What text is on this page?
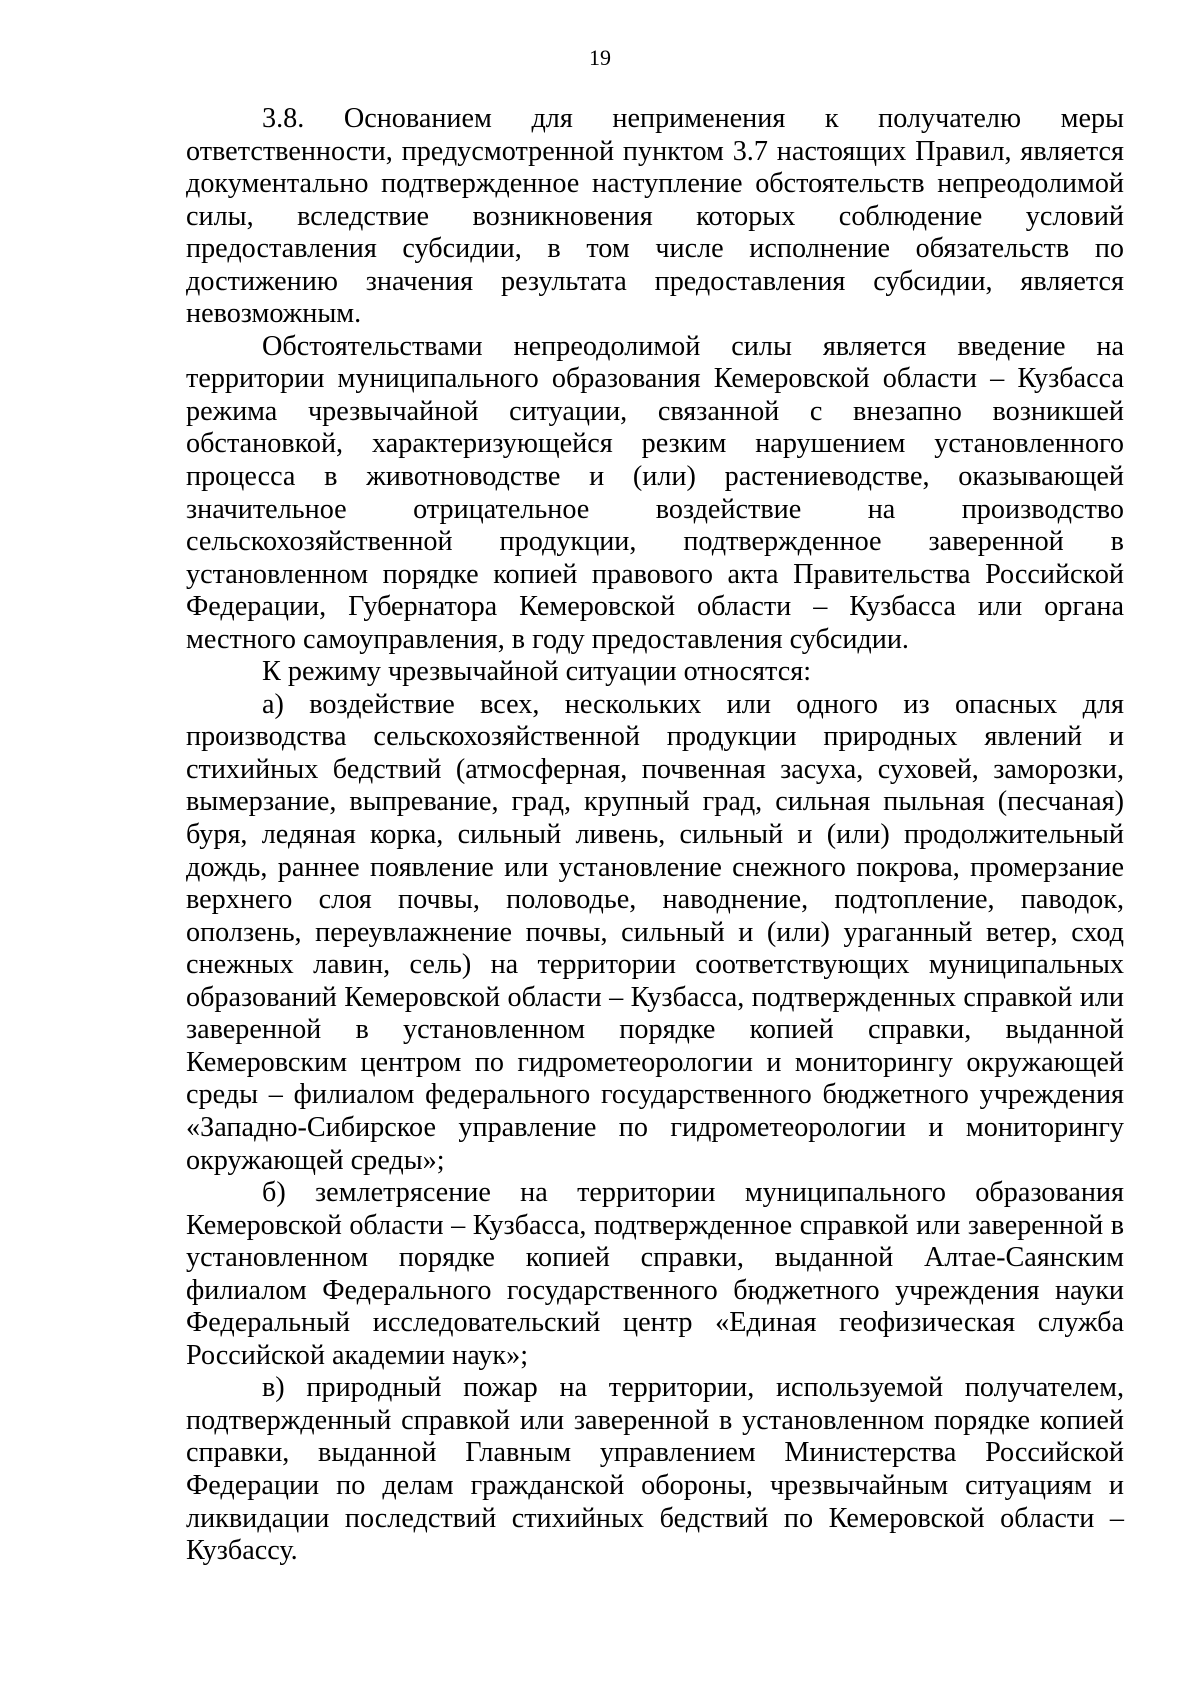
19

3.8. Основанием для неприменения к получателю меры ответственности, предусмотренной пунктом 3.7 настоящих Правил, является документально подтвержденное наступление обстоятельств непреодолимой силы, вследствие возникновения которых соблюдение условий предоставления субсидии, в том числе исполнение обязательств по достижению значения результата предоставления субсидии, является невозможным.

Обстоятельствами непреодолимой силы является введение на территории муниципального образования Кемеровской области – Кузбасса режима чрезвычайной ситуации, связанной с внезапно возникшей обстановкой, характеризующейся резким нарушением установленного процесса в животноводстве и (или) растениеводстве, оказывающей значительное отрицательное воздействие на производство сельскохозяйственной продукции, подтвержденное заверенной в установленном порядке копией правового акта Правительства Российской Федерации, Губернатора Кемеровской области – Кузбасса или органа местного самоуправления, в году предоставления субсидии.

К режиму чрезвычайной ситуации относятся:

а) воздействие всех, нескольких или одного из опасных для производства сельскохозяйственной продукции природных явлений и стихийных бедствий (атмосферная, почвенная засуха, суховей, заморозки, вымерзание, выпревание, град, крупный град, сильная пыльная (песчаная) буря, ледяная корка, сильный ливень, сильный и (или) продолжительный дождь, раннее появление или установление снежного покрова, промерзание верхнего слоя почвы, половодье, наводнение, подтопление, паводок, оползень, переувлажнение почвы, сильный и (или) ураганный ветер, сход снежных лавин, сель) на территории соответствующих муниципальных образований Кемеровской области – Кузбасса, подтвержденных справкой или заверенной в установленном порядке копией справки, выданной Кемеровским центром по гидрометеорологии и мониторингу окружающей среды – филиалом федерального государственного бюджетного учреждения «Западно-Сибирское управление по гидрометеорологии и мониторингу окружающей среды»;

б) землетрясение на территории муниципального образования Кемеровской области – Кузбасса, подтвержденное справкой или заверенной в установленном порядке копией справки, выданной Алтае-Саянским филиалом Федерального государственного бюджетного учреждения науки Федеральный исследовательский центр «Единая геофизическая служба Российской академии наук»;

в) природный пожар на территории, используемой получателем, подтвержденный справкой или заверенной в установленном порядке копией справки, выданной Главным управлением Министерства Российской Федерации по делам гражданской обороны, чрезвычайным ситуациям и ликвидации последствий стихийных бедствий по Кемеровской области – Кузбассу.
